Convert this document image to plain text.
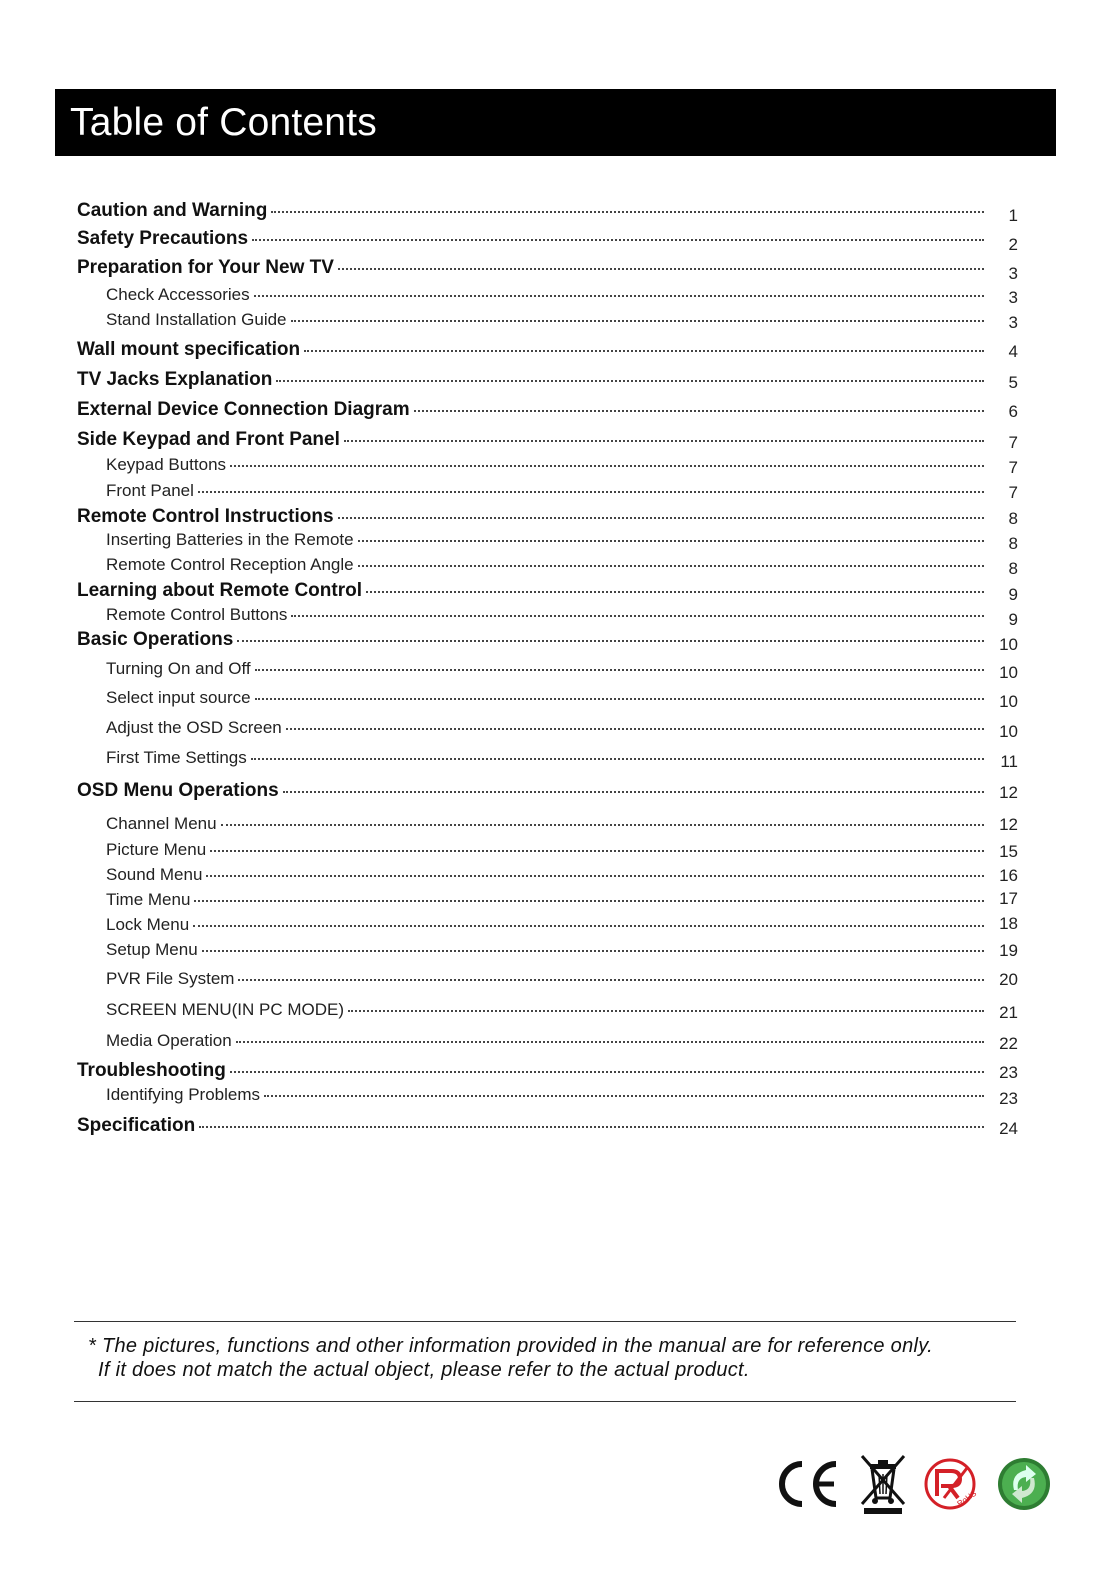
Table of Contents
Caution and Warning	1
Safety Precautions	2
Preparation for Your New TV	3
Check Accessories	3
Stand Installation Guide	3
Wall mount specification	4
TV Jacks Explanation	5
External Device Connection Diagram	6
Side Keypad and Front Panel	7
Keypad Buttons	7
Front Panel	7
Remote Control Instructions	8
Inserting Batteries in the Remote	8
Remote Control Reception Angle	8
Learning about Remote Control	9
Remote Control Buttons	9
Basic Operations	10
Turning On and Off	10
Select input source	10
Adjust the OSD Screen	10
First Time Settings	11
OSD Menu Operations	12
Channel Menu	12
Picture Menu	15
Sound Menu	16
Time Menu	17
Lock Menu	18
Setup Menu	19
PVR File System	20
SCREEN MENU(IN PC MODE)	21
Media Operation	22
Troubleshooting	23
Identifying Problems	23
Specification	24
* The pictures, functions and other information provided in the manual are for reference only.
If it does not match the actual object, please refer to the actual product.
RoHS
